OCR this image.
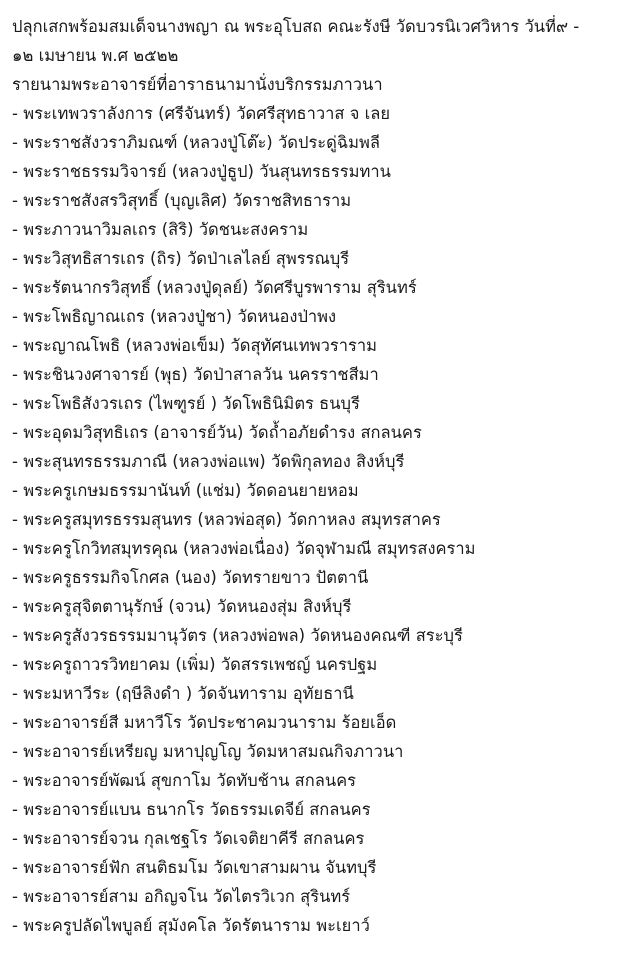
ปลุกเสกพร้อมสมเด็จนางพญา ณ พระอุโบสถ คณะรังษี วัดบวรนิเวศวิหาร วันที่๙ -
๑๒ เมษายน พ.ศ ๒๕๒๒
รายนามพระอาจารย์ที่อาราธนามานั่งบริกรรมภาวนา
- พระเทพวราลังการ (ศรีจันทร์) วัดศรีสุทธาวาส จ เลย
- พระราชสังวราภิมณฑ์ (หลวงปู่โต๊ะ) วัดประดู่ฉิมพลี
- พระราชธรรมวิจารย์ (หลวงปู่ธูป) วันสุนทรธรรมทาน
- พระราชสังสรวิสุทธิ์ (บุญเลิศ) วัดราชสิทธาราม
- พระภาวนาวิมลเถร (สิริ) วัดชนะสงคราม
- พระวิสุทธิสารเถร (ถิร) วัดป่าเลไลย์ สุพรรณบุรี
- พระรัตนากรวิสุทธิ์ (หลวงปู่ดุลย์) วัดศรีบูรพาราม สุรินทร์
- พระโพธิญาณเถร (หลวงปู่ชา) วัดหนองป่าพง
- พระญาณโพธิ (หลวงพ่อเข็ม) วัดสุทัศนเทพวราราม
- พระชินวงศาจารย์ (พุธ) วัดป่าสาลวัน นครราชสีมา
- พระโพธิสังวรเถร (ไพฑูรย์ ) วัดโพธินิมิตร ธนบุรี
- พระอุดมวิสุทธิเถร (อาจารย์วัน) วัดถ้ำอภัยดำรง สกลนคร
- พระสุนทรธรรมภาณี (หลวงพ่อแพ) วัดพิกุลทอง สิงห์บุรี
- พระครูเกษมธรรมานันท์ (แช่ม) วัดดอนยายหอม
- พระครูสมุทรธรรมสุนทร (หลวพ่อสุด) วัดกาหลง สมุทรสาคร
- พระครูโกวิทสมุทรคุณ (หลวงพ่อเนื่อง) วัดจุฬามณี สมุทรสงคราม
- พระครูธรรมกิจโกศล (นอง) วัดทรายขาว ปัตตานี
- พระครูสุจิตตานุรักษ์ (จวน) วัดหนองสุ่ม สิงห์บุรี
- พระครูสังวรธรรมมานุวัตร (หลวงพ่อพล) วัดหนองคณฑี สระบุรี
- พระครูถาวรวิทยาคม (เพิ่ม) วัดสรรเพชญ์ นครปฐม
- พระมหาวีระ (ฤษีลิงดำ ) วัดจันทาราม อุทัยธานี
- พระอาจารย์สี มหาวีโร วัดประชาคมวนาราม ร้อยเอ็ด
- พระอาจารย์เหรียญ มหาปุญโญ วัดมหาสมณกิจภาวนา
- พระอาจารย์พัฒน์ สุขกาโม วัดทับช้าน สกลนคร
- พระอาจารย์แบน ธนากโร วัดธรรมเดจีย์ สกลนคร
- พระอาจารย์จวน กุลเชฐโร วัดเจติยาคีรี สกลนคร
- พระอาจารย์ฟัก สนติธมโม วัดเขาสามผาน จันทบุรี
- พระอาจารย์สาม อกิญจโน วัดไตรวิเวก สุรินทร์
- พระครูปลัดไพบูลย์ สุมังคโล วัดรัตนาราม พะเยาว์
